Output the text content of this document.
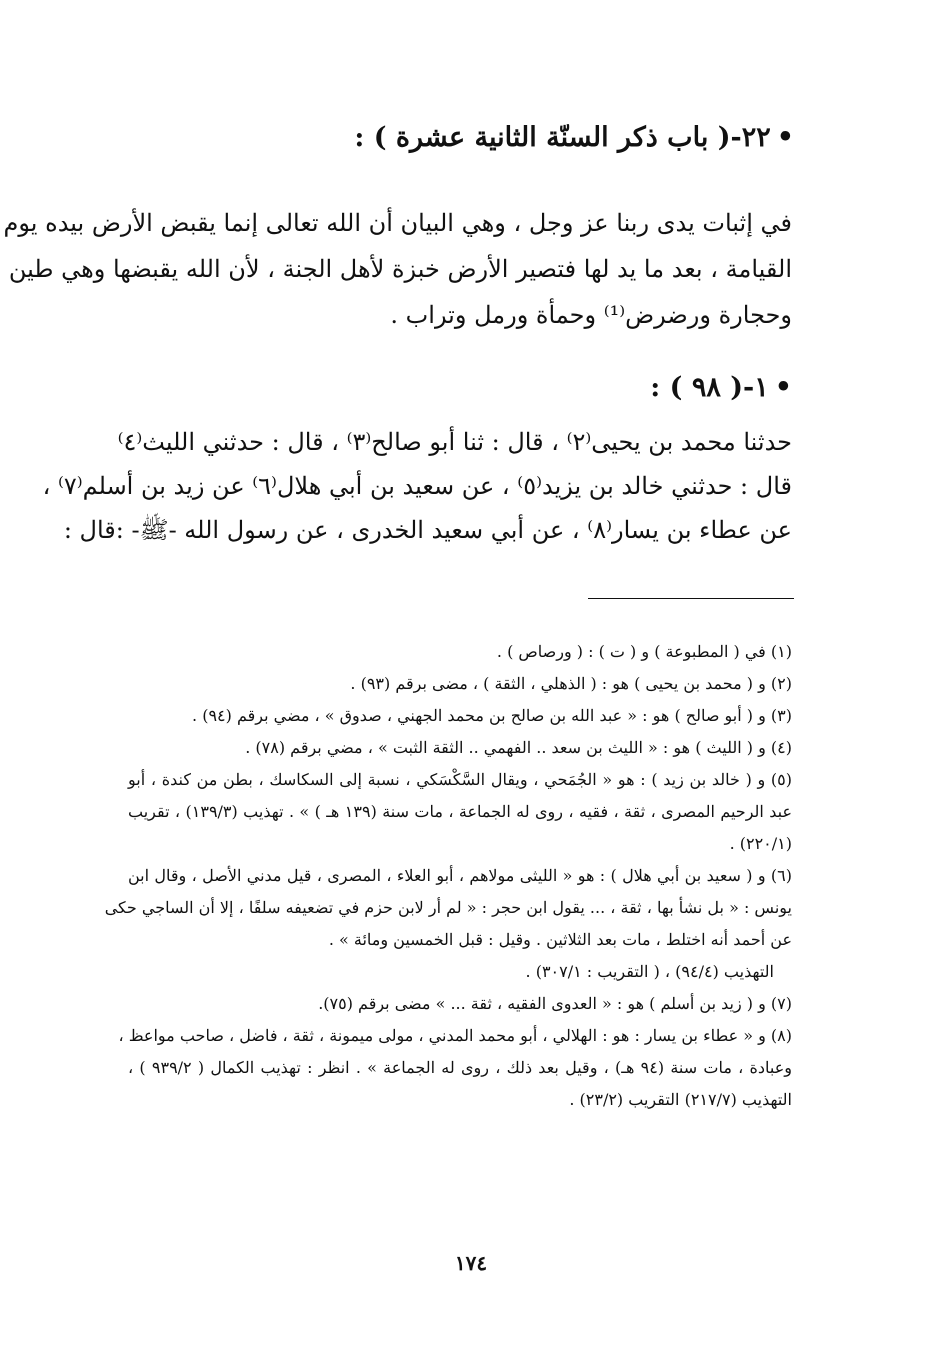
•٢٢-( باب ذكر السنّة الثانية عشرة ) :
في إثبات يدى ربنا عز وجل ، وهي البيان أن الله تعالى إنما يقبض الأرض بيده يوم
القيامة ، بعد ما يد لها فتصير الأرض خبزة لأهل الجنة ، لأن الله يقبضها وهي طين
وحجارة ورضرض⁽¹⁾ وحمأة ورمل وتراب .
•١-( ٩٨ ) :
حدثنا محمد بن يحيى⁽٢⁾ ، قال : ثنا أبو صالح⁽٣⁾ ، قال : حدثني الليث⁽٤⁾
قال : حدثني خالد بن يزيد⁽٥⁾ ، عن سعيد بن أبي هلال⁽٦⁾ عن زيد بن أسلم⁽٧⁾ ،
عن عطاء بن يسار⁽٨⁾ ، عن أبي سعيد الخدرى ، عن رسول الله -ﷺ- :قال :
(١) في ( المطبوعة ) و ( ت ) : ( ورصاص ) .
(٢) و ( محمد بن يحيى ) هو : ( الذهلي ، الثقة ) ، مضى برقم (٩٣) .
(٣) و ( أبو صالح ) هو : « عبد الله بن صالح بن محمد الجهني ، صدوق » ، مضي برقم (٩٤) .
(٤) و ( الليث ) هو : « الليث بن سعد .. الفهمي .. الثقة الثبت » ، مضي برقم (٧٨) .
(٥) و ( خالد بن زيد ) : هو « الجُمَحي ، ويقال السَّكْسَكي ، نسبة إلى السكاسك ، بطن من كندة ، أبو
عبد الرحيم المصرى ، ثقة ، فقيه ، روى له الجماعة ، مات سنة (١٣٩ هـ ) » . تهذيب (١٣٩/٣) ، تقريب
(٢٢٠/١) .
(٦) و ( سعيد بن أبي هلال ) : هو « الليثى مولاهم ، أبو العلاء ، المصرى ، قيل مدني الأصل ، وقال ابن
يونس : « بل نشأ بها ، ثقة ، ... يقول ابن حجر : « لم أر لابن حزم في تضعيفه سلفًا ، إلا أن الساجي حكى
عن أحمد أنه اختلط ، مات بعد الثلاثين . وقيل : قبل الخمسين ومائة » .
التهذيب (٩٤/٤) ، ( التقريب : ٣٠٧/١) .
(٧) و ( زيد بن أسلم ) هو : « العدوى الفقيه ، ثقة ... » مضى برقم (٧٥).
(٨) و « عطاء بن يسار : هو : الهلالي ، أبو محمد المدني ، مولى ميمونة ، ثقة ، فاضل ، صاحب مواعظ ،
وعبادة ، مات سنة (٩٤ هـ) ، وقيل بعد ذلك ، روى له الجماعة » . انظر : تهذيب الكمال ( ٩٣٩/٢ ) ،
التهذيب (٢١٧/٧) التقريب (٢٣/٢) .
١٧٤
